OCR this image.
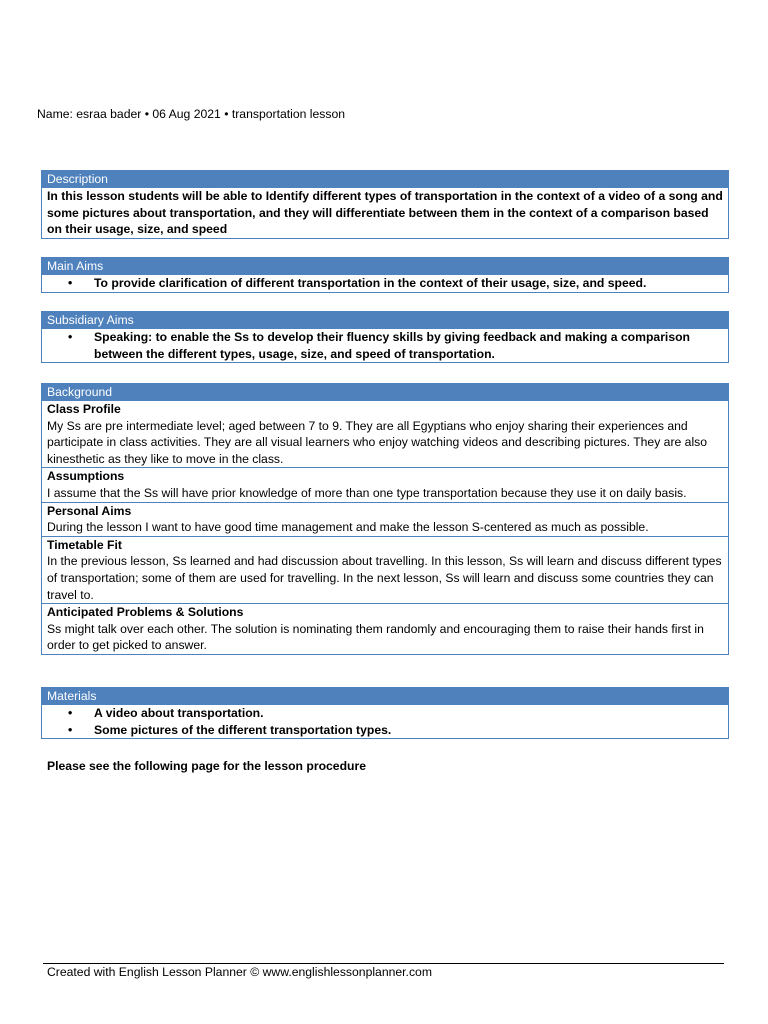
Name: esraa bader • 06 Aug 2021 • transportation lesson
Description
In this lesson students will be able to Identify different types of transportation in the context of a video of a song and some pictures about transportation, and they will differentiate between them in the context of a comparison based on their usage, size, and speed
Main Aims
•	To provide clarification of different transportation in the context of their usage, size, and speed.
Subsidiary Aims
•	Speaking: to enable the Ss to develop their fluency skills by giving feedback and making a comparison between the different types, usage, size, and speed of transportation.
Background
Class Profile
My Ss are pre intermediate level; aged between 7 to 9. They are all Egyptians who enjoy sharing their experiences and participate in class activities. They are all visual learners who enjoy watching videos and describing pictures. They are also kinesthetic as they like to move in the class.
Assumptions
I assume that the Ss will have prior knowledge of more than one type transportation because they use it on daily basis.
Personal Aims
During the lesson I want to have good time management and make the lesson S-centered as much as possible.
Timetable Fit
In the previous lesson, Ss learned and had discussion about travelling. In this lesson, Ss will learn and discuss different types of transportation; some of them are used for travelling. In the next lesson, Ss will learn and discuss some countries they can travel to.
Anticipated Problems & Solutions
Ss might talk over each other. The solution is nominating them randomly and encouraging them to raise their hands first in order to get picked to answer.
Materials
•	A video about transportation.
•	Some pictures of the different transportation types.
Please see the following page for the lesson procedure
Created with English Lesson Planner © www.englishlessonplanner.com
